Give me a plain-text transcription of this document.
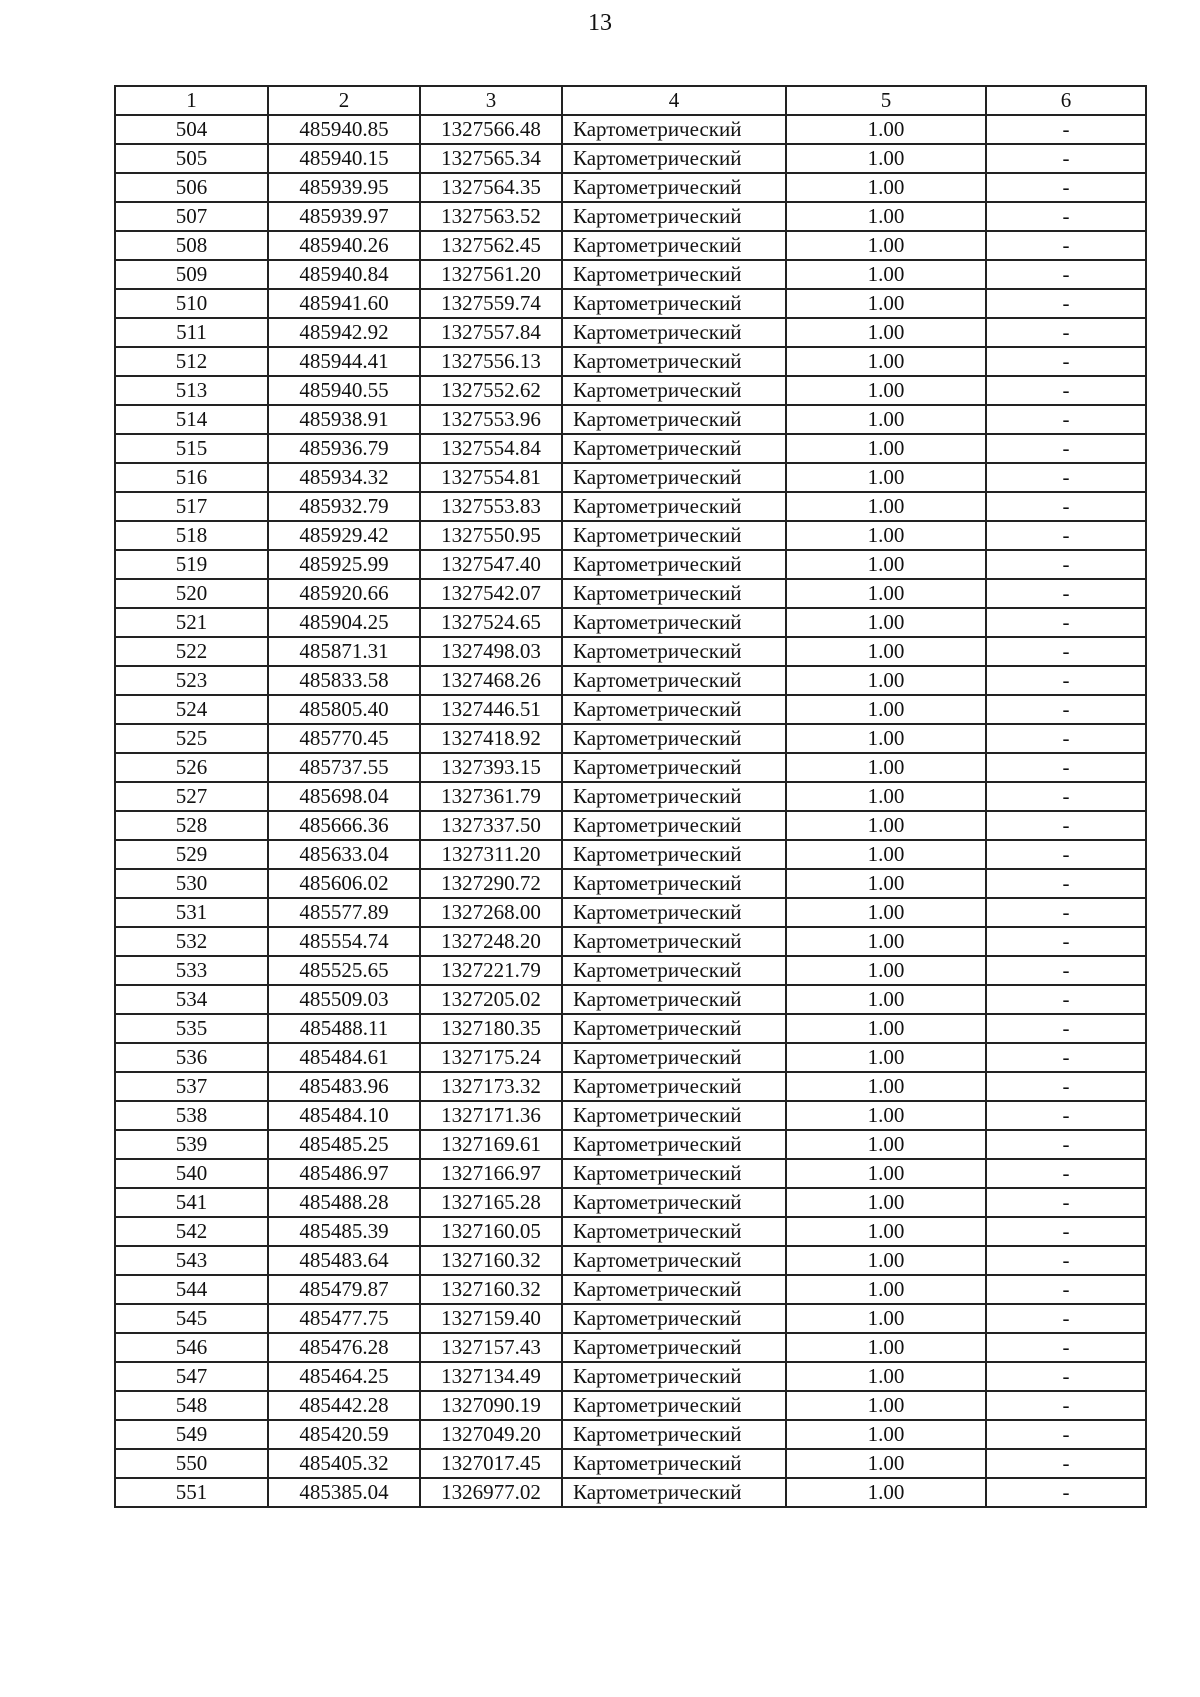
13
1	2	3	4	5	6
504	485940.85	1327566.48	Картометрический	1.00	-
505	485940.15	1327565.34	Картометрический	1.00	-
506	485939.95	1327564.35	Картометрический	1.00	-
507	485939.97	1327563.52	Картометрический	1.00	-
508	485940.26	1327562.45	Картометрический	1.00	-
509	485940.84	1327561.20	Картометрический	1.00	-
510	485941.60	1327559.74	Картометрический	1.00	-
511	485942.92	1327557.84	Картометрический	1.00	-
512	485944.41	1327556.13	Картометрический	1.00	-
513	485940.55	1327552.62	Картометрический	1.00	-
514	485938.91	1327553.96	Картометрический	1.00	-
515	485936.79	1327554.84	Картометрический	1.00	-
516	485934.32	1327554.81	Картометрический	1.00	-
517	485932.79	1327553.83	Картометрический	1.00	-
518	485929.42	1327550.95	Картометрический	1.00	-
519	485925.99	1327547.40	Картометрический	1.00	-
520	485920.66	1327542.07	Картометрический	1.00	-
521	485904.25	1327524.65	Картометрический	1.00	-
522	485871.31	1327498.03	Картометрический	1.00	-
523	485833.58	1327468.26	Картометрический	1.00	-
524	485805.40	1327446.51	Картометрический	1.00	-
525	485770.45	1327418.92	Картометрический	1.00	-
526	485737.55	1327393.15	Картометрический	1.00	-
527	485698.04	1327361.79	Картометрический	1.00	-
528	485666.36	1327337.50	Картометрический	1.00	-
529	485633.04	1327311.20	Картометрический	1.00	-
530	485606.02	1327290.72	Картометрический	1.00	-
531	485577.89	1327268.00	Картометрический	1.00	-
532	485554.74	1327248.20	Картометрический	1.00	-
533	485525.65	1327221.79	Картометрический	1.00	-
534	485509.03	1327205.02	Картометрический	1.00	-
535	485488.11	1327180.35	Картометрический	1.00	-
536	485484.61	1327175.24	Картометрический	1.00	-
537	485483.96	1327173.32	Картометрический	1.00	-
538	485484.10	1327171.36	Картометрический	1.00	-
539	485485.25	1327169.61	Картометрический	1.00	-
540	485486.97	1327166.97	Картометрический	1.00	-
541	485488.28	1327165.28	Картометрический	1.00	-
542	485485.39	1327160.05	Картометрический	1.00	-
543	485483.64	1327160.32	Картометрический	1.00	-
544	485479.87	1327160.32	Картометрический	1.00	-
545	485477.75	1327159.40	Картометрический	1.00	-
546	485476.28	1327157.43	Картометрический	1.00	-
547	485464.25	1327134.49	Картометрический	1.00	-
548	485442.28	1327090.19	Картометрический	1.00	-
549	485420.59	1327049.20	Картометрический	1.00	-
550	485405.32	1327017.45	Картометрический	1.00	-
551	485385.04	1326977.02	Картометрический	1.00	-
